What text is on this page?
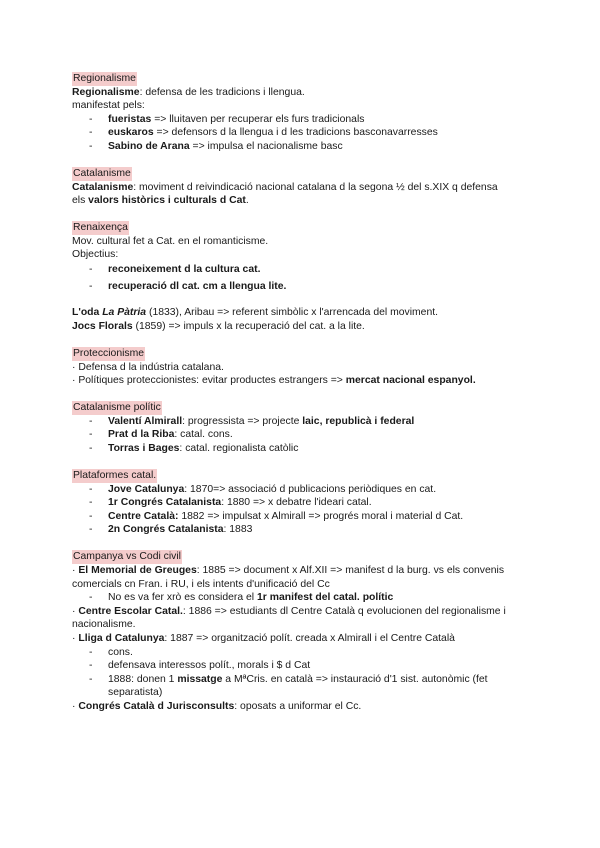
Regionalisme

Regionalisme: defensa de les tradicions i llengua.

manifestat pels:

- fueristas => lluitaven per recuperar els furs tradicionals
- euskaros => defensors d la llengua i d les tradicions basconavarresses
- Sabino de Arana => impulsa el nacionalisme basc

Catalanisme

Catalanisme: moviment d reivindicació nacional catalana d la segona ½ del s.XIX q defensa
els valors històrics i culturals d Cat.

Renaixença

Mov. cultural fet a Cat. en el romanticisme.

Objectius:

- reconeixement d la cultura cat.
- recuperació dl cat. cm a llengua lite.

L'oda La Pàtria (1833), Aribau => referent simbòlic x l'arrencada del moviment.

Jocs Florals (1859) => impuls x la recuperació del cat. a la lite.

Proteccionisme

· Defensa d la indústria catalana.

· Polítiques proteccionistes: evitar productes estrangers => mercat nacional espanyol.

Catalanisme polític

- Valentí Almirall: progressista => projecte laic, republicà i federal
- Prat d la Riba: catal. cons.
- Torras i Bages: catal. regionalista catòlic

Plataformes catal.

- Jove Catalunya: 1870=> associació d publicacions periòdiques en cat.
- 1r Congrés Catalanista: 1880 => x debatre l'ideari catal.
- Centre Català: 1882 => impulsat x Almirall => progrés moral i material d Cat.
- 2n Congrés Catalanista: 1883

Campanya vs Codi civil

· El Memorial de Greuges: 1885 => document x Alf.XII => manifest d la burg. vs els convenis comercials cn Fran. i RU, i els intents d'unificació del Cc

- No es va fer xrò es considera el 1r manifest del catal. polític

· Centre Escolar Catal.: 1886 => estudiants dl Centre Català q evolucionen del regionalisme i nacionalisme.

· Lliga d Catalunya: 1887 => organització polít. creada x Almirall i el Centre Català

- cons.
- defensava interessos polít., morals i $ d Cat
- 1888: donen 1 missatge a MªCris. en català => instauració d'1 sist. autonòmic (fet separatista)

· Congrés Català d Jurisconsults: oposats a uniformar el Cc.
